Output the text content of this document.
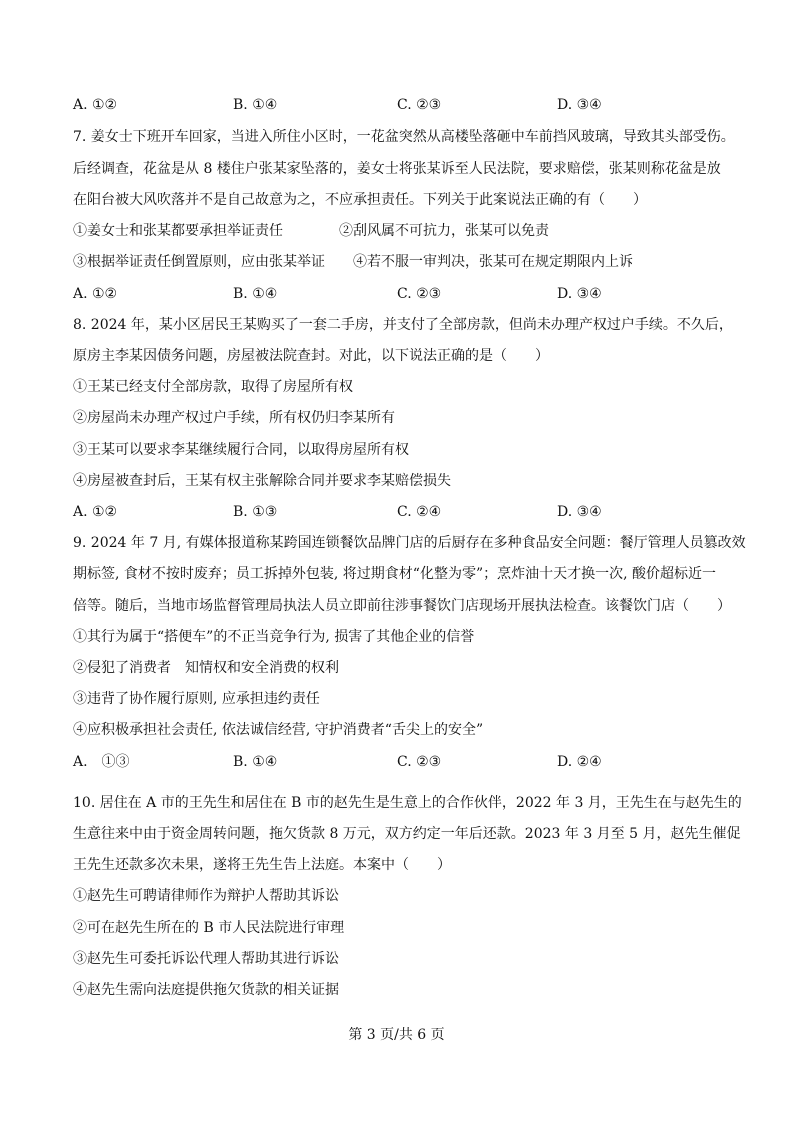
A. ①②	B. ①④	C. ②③	D. ③④
7. 姜女士下班开车回家，当进入所住小区时，一花盆突然从高楼坠落砸中车前挡风玻璃，导致其头部受伤。
后经调查，花盆是从 8 楼住户张某家坠落的，姜女士将张某诉至人民法院，要求赔偿，张某则称花盆是放
在阳台被大风吹落并不是自己故意为之，不应承担责任。下列关于此案说法正确的有（　　）
①姜女士和张某都要承担举证责任　　　　②刮风属不可抗力，张某可以免责
③根据举证责任倒置原则，应由张某举证　　④若不服一审判决，张某可在规定期限内上诉
A. ①②	B. ①④	C. ②③	D. ③④
8. 2024 年，某小区居民王某购买了一套二手房，并支付了全部房款，但尚未办理产权过户手续。不久后，
原房主李某因债务问题，房屋被法院查封。对此，以下说法正确的是（　　）
①王某已经支付全部房款，取得了房屋所有权
②房屋尚未办理产权过户手续，所有权仍归李某所有
③王某可以要求李某继续履行合同，以取得房屋所有权
④房屋被查封后，王某有权主张解除合同并要求李某赔偿损失
A. ①②	B. ①③	C. ②④	D. ③④
9. 2024 年 7 月, 有媒体报道称某跨国连锁餐饮品牌门店的后厨存在多种食品安全问题：餐厅管理人员篡改效
期标签, 食材不按时废弃；员工拆掉外包装, 将过期食材“化整为零”；烹炸油十天才换一次, 酸价超标近一
倍等。随后，当地市场监督管理局执法人员立即前往涉事餐饮门店现场开展执法检查。该餐饮门店（　　）
①其行为属于“搭便车”的不正当竞争行为, 损害了其他企业的信誉
②侵犯了消费者　知情权和安全消费的权利
③违背了协作履行原则, 应承担违约责任
④应积极承担社会责任, 依法诚信经营, 守护消费者“舌尖上的安全”
A.　①③	B. ①④	C. ②③	D. ②④
10. 居住在 A 市的王先生和居住在 B 市的赵先生是生意上的合作伙伴，2022 年 3 月，王先生在与赵先生的
生意往来中由于资金周转问题，拖欠货款 8 万元，双方约定一年后还款。2023 年 3 月至 5 月，赵先生催促
王先生还款多次未果，遂将王先生告上法庭。本案中（　　）
①赵先生可聘请律师作为辩护人帮助其诉讼
②可在赵先生所在的 B 市人民法院进行审理
③赵先生可委托诉讼代理人帮助其进行诉讼
④赵先生需向法庭提供拖欠货款的相关证据
第 3 页/共 6 页
